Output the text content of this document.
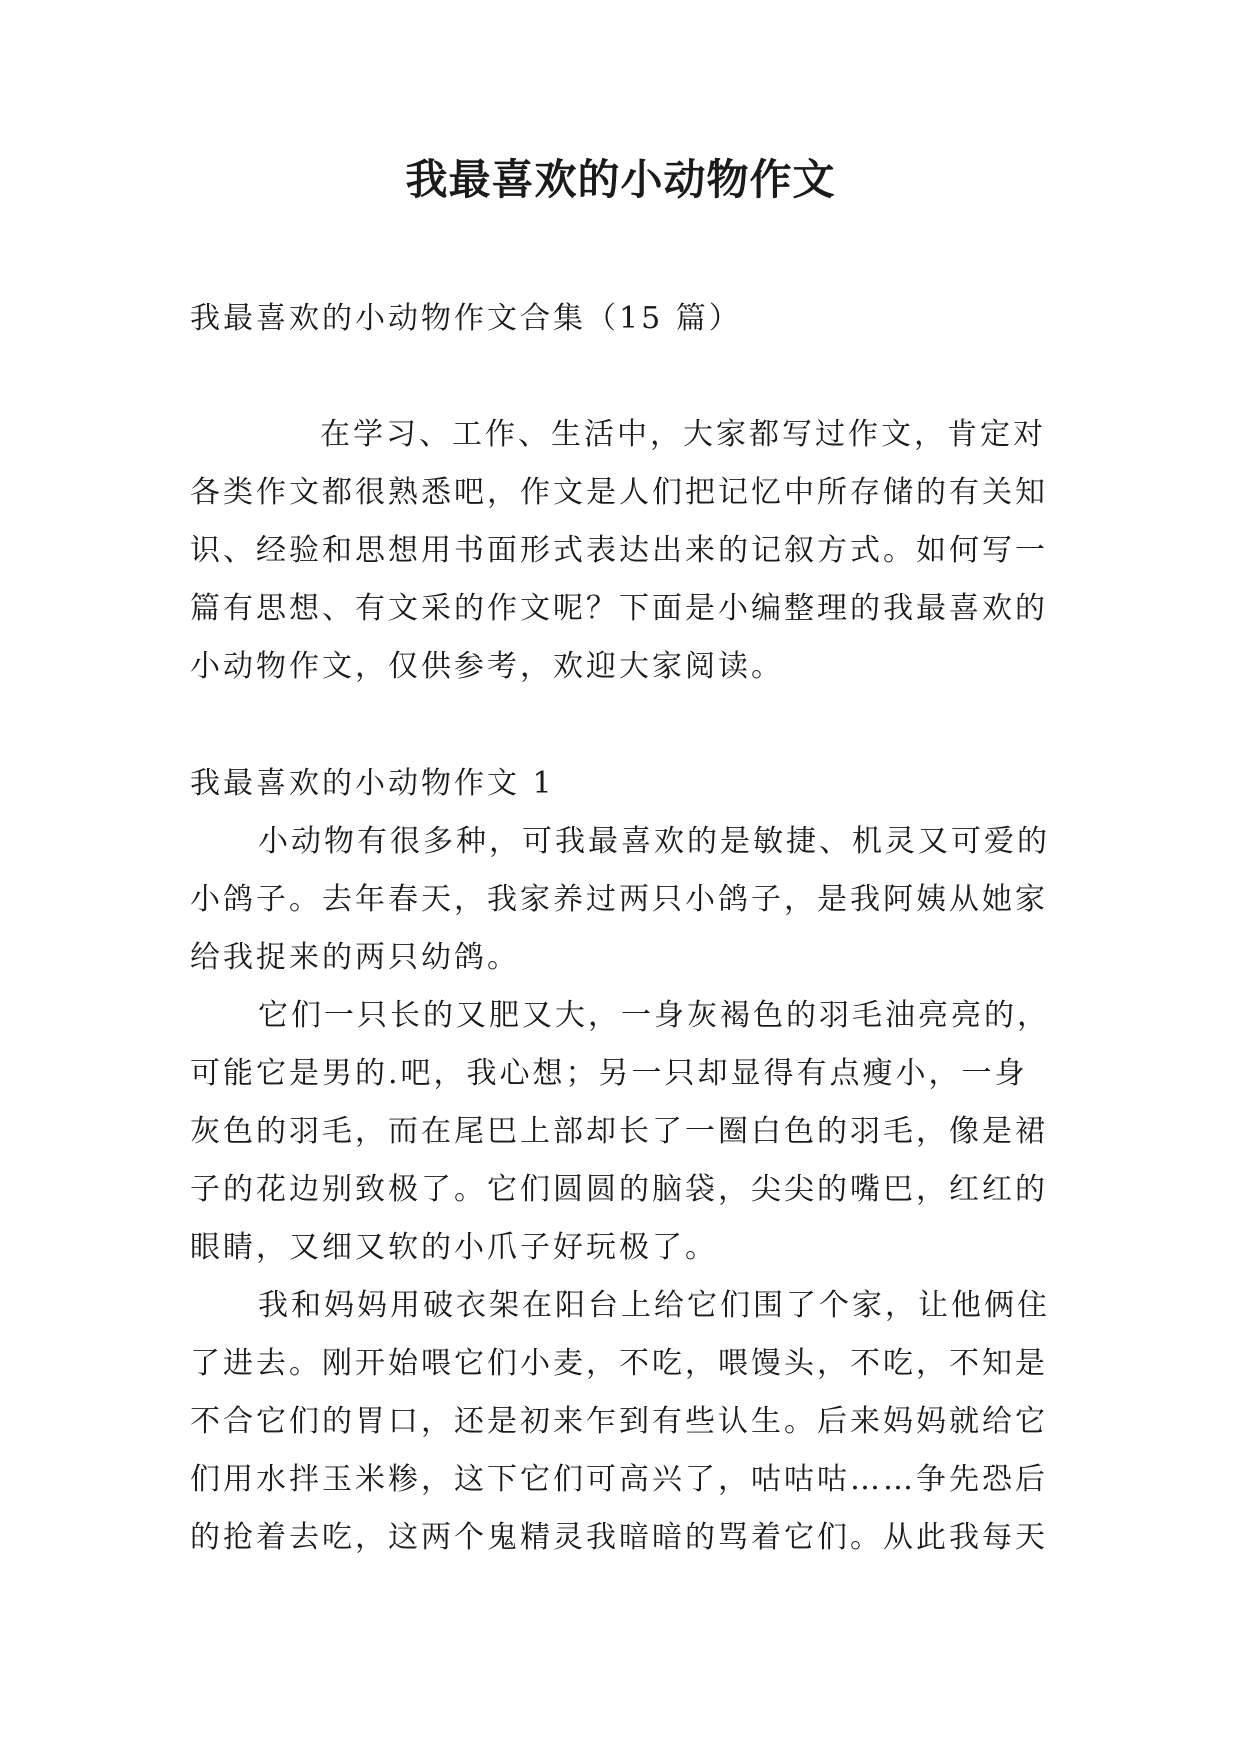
我最喜欢的小动物作文
我最喜欢的小动物作文合集（15 篇）
在学习、工作、生活中，大家都写过作文，肯定对
各类作文都很熟悉吧，作文是人们把记忆中所存储的有关知
识、经验和思想用书面形式表达出来的记叙方式。如何写一
篇有思想、有文采的作文呢？下面是小编整理的我最喜欢的
小动物作文，仅供参考，欢迎大家阅读。
我最喜欢的小动物作文 1
小动物有很多种，可我最喜欢的是敏捷、机灵又可爱的
小鸽子。去年春天，我家养过两只小鸽子，是我阿姨从她家
给我捉来的两只幼鸽。
它们一只长的又肥又大，一身灰褐色的羽毛油亮亮的，
可能它是男的.吧，我心想；另一只却显得有点瘦小，一身
灰色的羽毛，而在尾巴上部却长了一圈白色的羽毛，像是裙
子的花边别致极了。它们圆圆的脑袋，尖尖的嘴巴，红红的
眼睛，又细又软的小爪子好玩极了。
我和妈妈用破衣架在阳台上给它们围了个家，让他俩住
了进去。刚开始喂它们小麦，不吃，喂馒头，不吃，不知是
不合它们的胃口，还是初来乍到有些认生。后来妈妈就给它
们用水拌玉米糁，这下它们可高兴了，咕咕咕……争先恐后
的抢着去吃，这两个鬼精灵我暗暗的骂着它们。从此我每天
